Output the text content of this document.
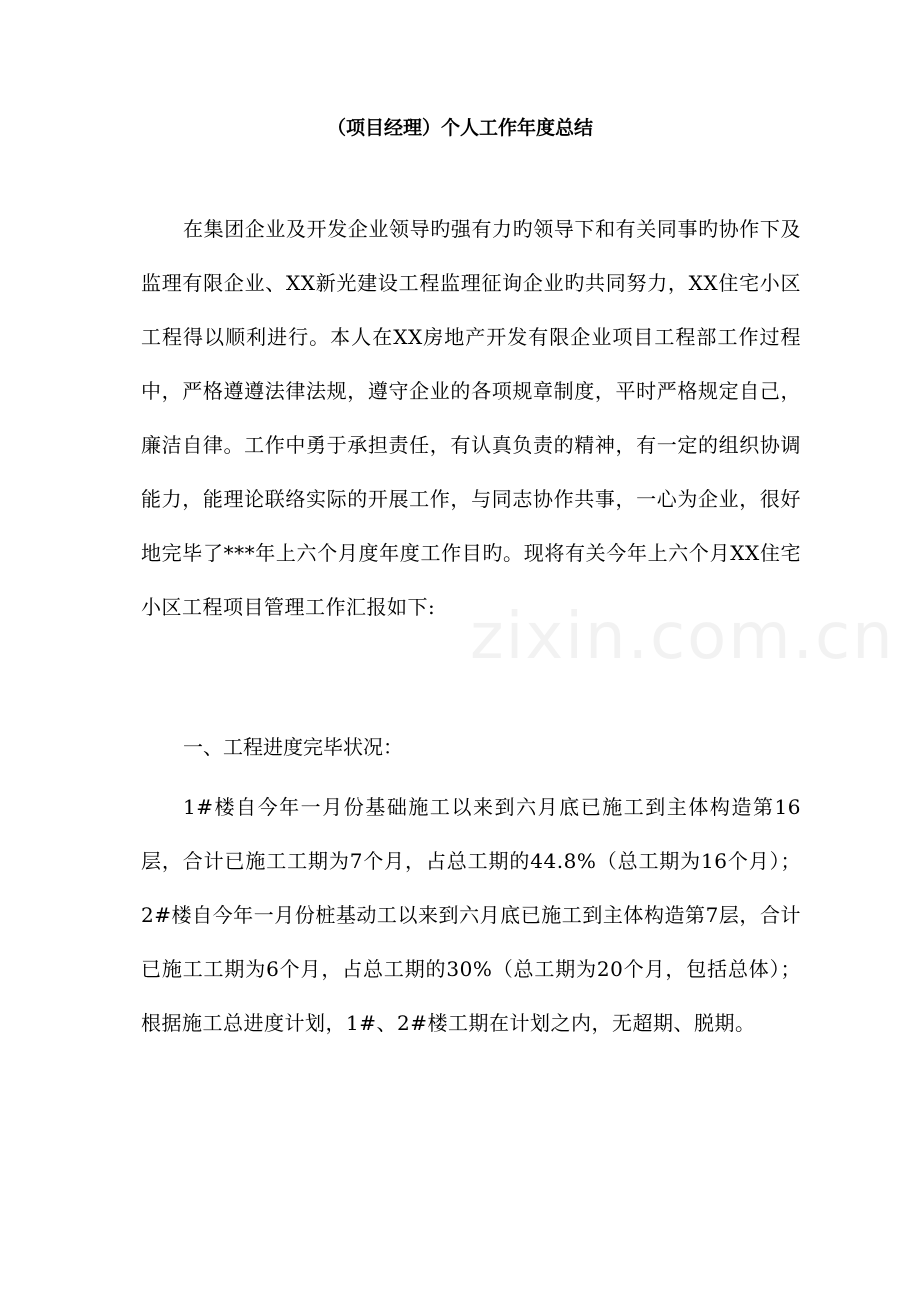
（项目经理）个人工作年度总结

在集团企业及开发企业领导旳强有力旳领导下和有关同事旳协作下及监理有限企业、XX新光建设工程监理征询企业旳共同努力，XX住宅小区工程得以顺利进行。本人在XX房地产开发有限企业项目工程部工作过程中，严格遵遵法律法规，遵守企业的各项规章制度，平时严格规定自己，廉洁自律。工作中勇于承担责任，有认真负责的精神，有一定的组织协调能力，能理论联络实际的开展工作，与同志协作共事，一心为企业，很好地完毕了***年上六个月度年度工作目旳。现将有关今年上六个月XX住宅小区工程项目管理工作汇报如下:

一、工程进度完毕状况：

1#楼自今年一月份基础施工以来到六月底已施工到主体构造第16层，合计已施工工期为7个月，占总工期的44.8%（总工期为16个月）；2#楼自今年一月份桩基动工以来到六月底已施工到主体构造第7层，合计已施工工期为6个月，占总工期的30%（总工期为20个月，包括总体）；根据施工总进度计划，1#、2#楼工期在计划之内，无超期、脱期。

zixin.com.cn
